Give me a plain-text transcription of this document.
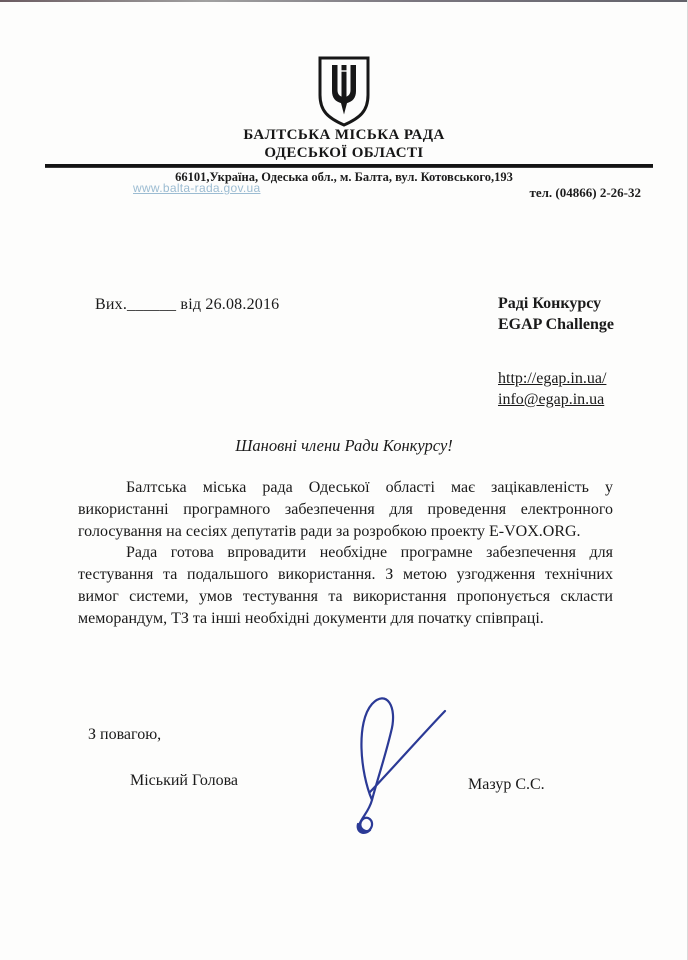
БАЛТСЬКА МІСЬКА РАДА
ОДЕСЬКОЇ ОБЛАСТІ
66101,Україна, Одеська обл., м. Балта, вул. Котовського,193
www.balta-rada.gov.ua	тел. (04866) 2-26-32
Вих.______ від 26.08.2016	Раді Конкурсу
EGAP Challenge
http://egap.in.ua/
info@egap.in.ua
Шановні члени Ради Конкурсу!

Балтська міська рада Одеської області має зацікавленість у використанні програмного забезпечення для проведення електронного голосування на сесіях депутатів ради за розробкою проекту E-VOX.ORG.

Рада готова впровадити необхідне програмне забезпечення для тестування та подальшого використання. З метою узгодження технічних вимог системи, умов тестування та використання пропонується скласти меморандум, ТЗ та інші необхідні документи для початку співпраці.

З повагою,
Міський Голова	Мазур С.С.
